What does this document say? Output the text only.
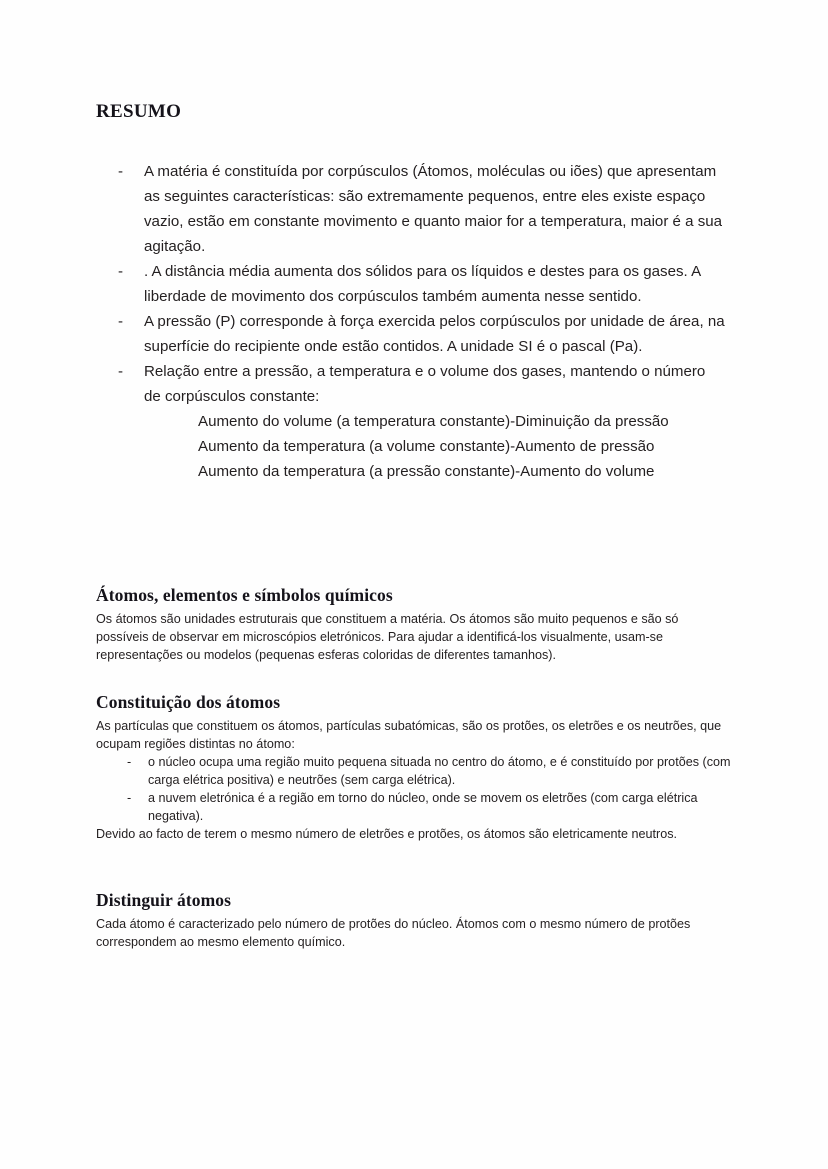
RESUMO
-	A matéria é constituída por corpúsculos (Átomos, moléculas ou iões) que apresentam as seguintes características: são extremamente pequenos, entre eles existe espaço vazio, estão em constante movimento e quanto maior for a temperatura, maior é a sua agitação.
-	. A distância média aumenta dos sólidos para os líquidos e destes para os gases. A liberdade de movimento dos corpúsculos também aumenta nesse sentido.
-	A pressão (P) corresponde à força exercida pelos corpúsculos por unidade de área, na superfície do recipiente onde estão contidos. A unidade SI é o pascal (Pa).
-	Relação entre a pressão, a temperatura e o volume dos gases, mantendo o número de corpúsculos constante:
Aumento do volume (a temperatura constante)-Diminuição da pressão
Aumento da temperatura (a volume constante)-Aumento de pressão
Aumento da temperatura (a pressão constante)-Aumento do volume
Átomos, elementos e símbolos químicos

Os átomos são unidades estruturais que constituem a matéria. Os átomos são muito pequenos e são só possíveis de observar em microscópios eletrónicos. Para ajudar a identificá-los visualmente, usam-se representações ou modelos (pequenas esferas coloridas de diferentes tamanhos).

Constituição dos átomos

As partículas que constituem os átomos, partículas subatómicas, são os protões, os eletrões e os neutrões, que ocupam regiões distintas no átomo:

-	o núcleo ocupa uma região muito pequena situada no centro do átomo, e é constituído por protões (com carga elétrica positiva) e neutrões (sem carga elétrica).
-	a nuvem eletrónica é a região em torno do núcleo, onde se movem os eletrões (com carga elétrica negativa).

Devido ao facto de terem o mesmo número de eletrões e protões, os átomos são eletricamente neutros.

Distinguir átomos

Cada átomo é caracterizado pelo número de protões do núcleo. Átomos com o mesmo número de protões correspondem ao mesmo elemento químico.
